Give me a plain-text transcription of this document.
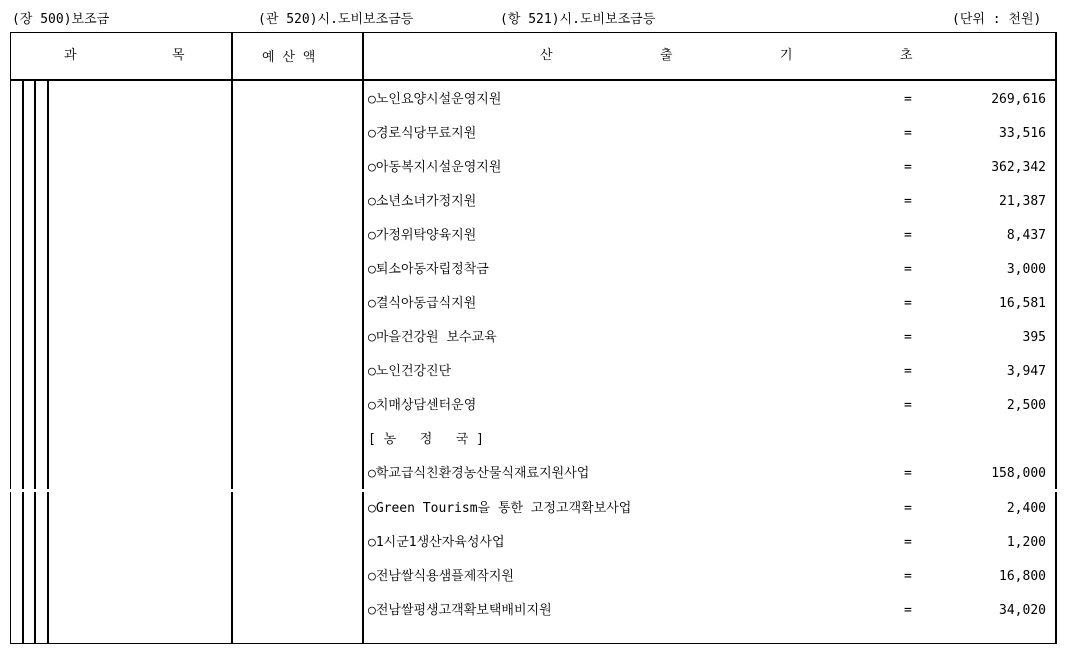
(장 500)보조금	(관 520)시.도비보조금등	(항 521)시.도비보조금등	(단위 : 천원)
과	목	예 산 액	산	출	기	초
○노인요양시설운영지원	=	269,616
○경로식당무료지원	=	33,516
○아동복지시설운영지원	=	362,342
○소년소녀가정지원	=	21,387
○가정위탁양육지원	=	8,437
○퇴소아동자립정착금	=	3,000
○결식아동급식지원	=	16,581
○마을건강원 보수교육	=	395
○노인건강진단	=	3,947
○치매상담센터운영	=	2,500
[ 농   정   국 ]
○학교급식친환경농산물식재료지원사업	=	158,000
○Green Tourism을 통한 고정고객확보사업	=	2,400
○1시군1생산자육성사업	=	1,200
○전남쌀식용샘플제작지원	=	16,800
○전남쌀평생고객확보택배비지원	=	34,020
